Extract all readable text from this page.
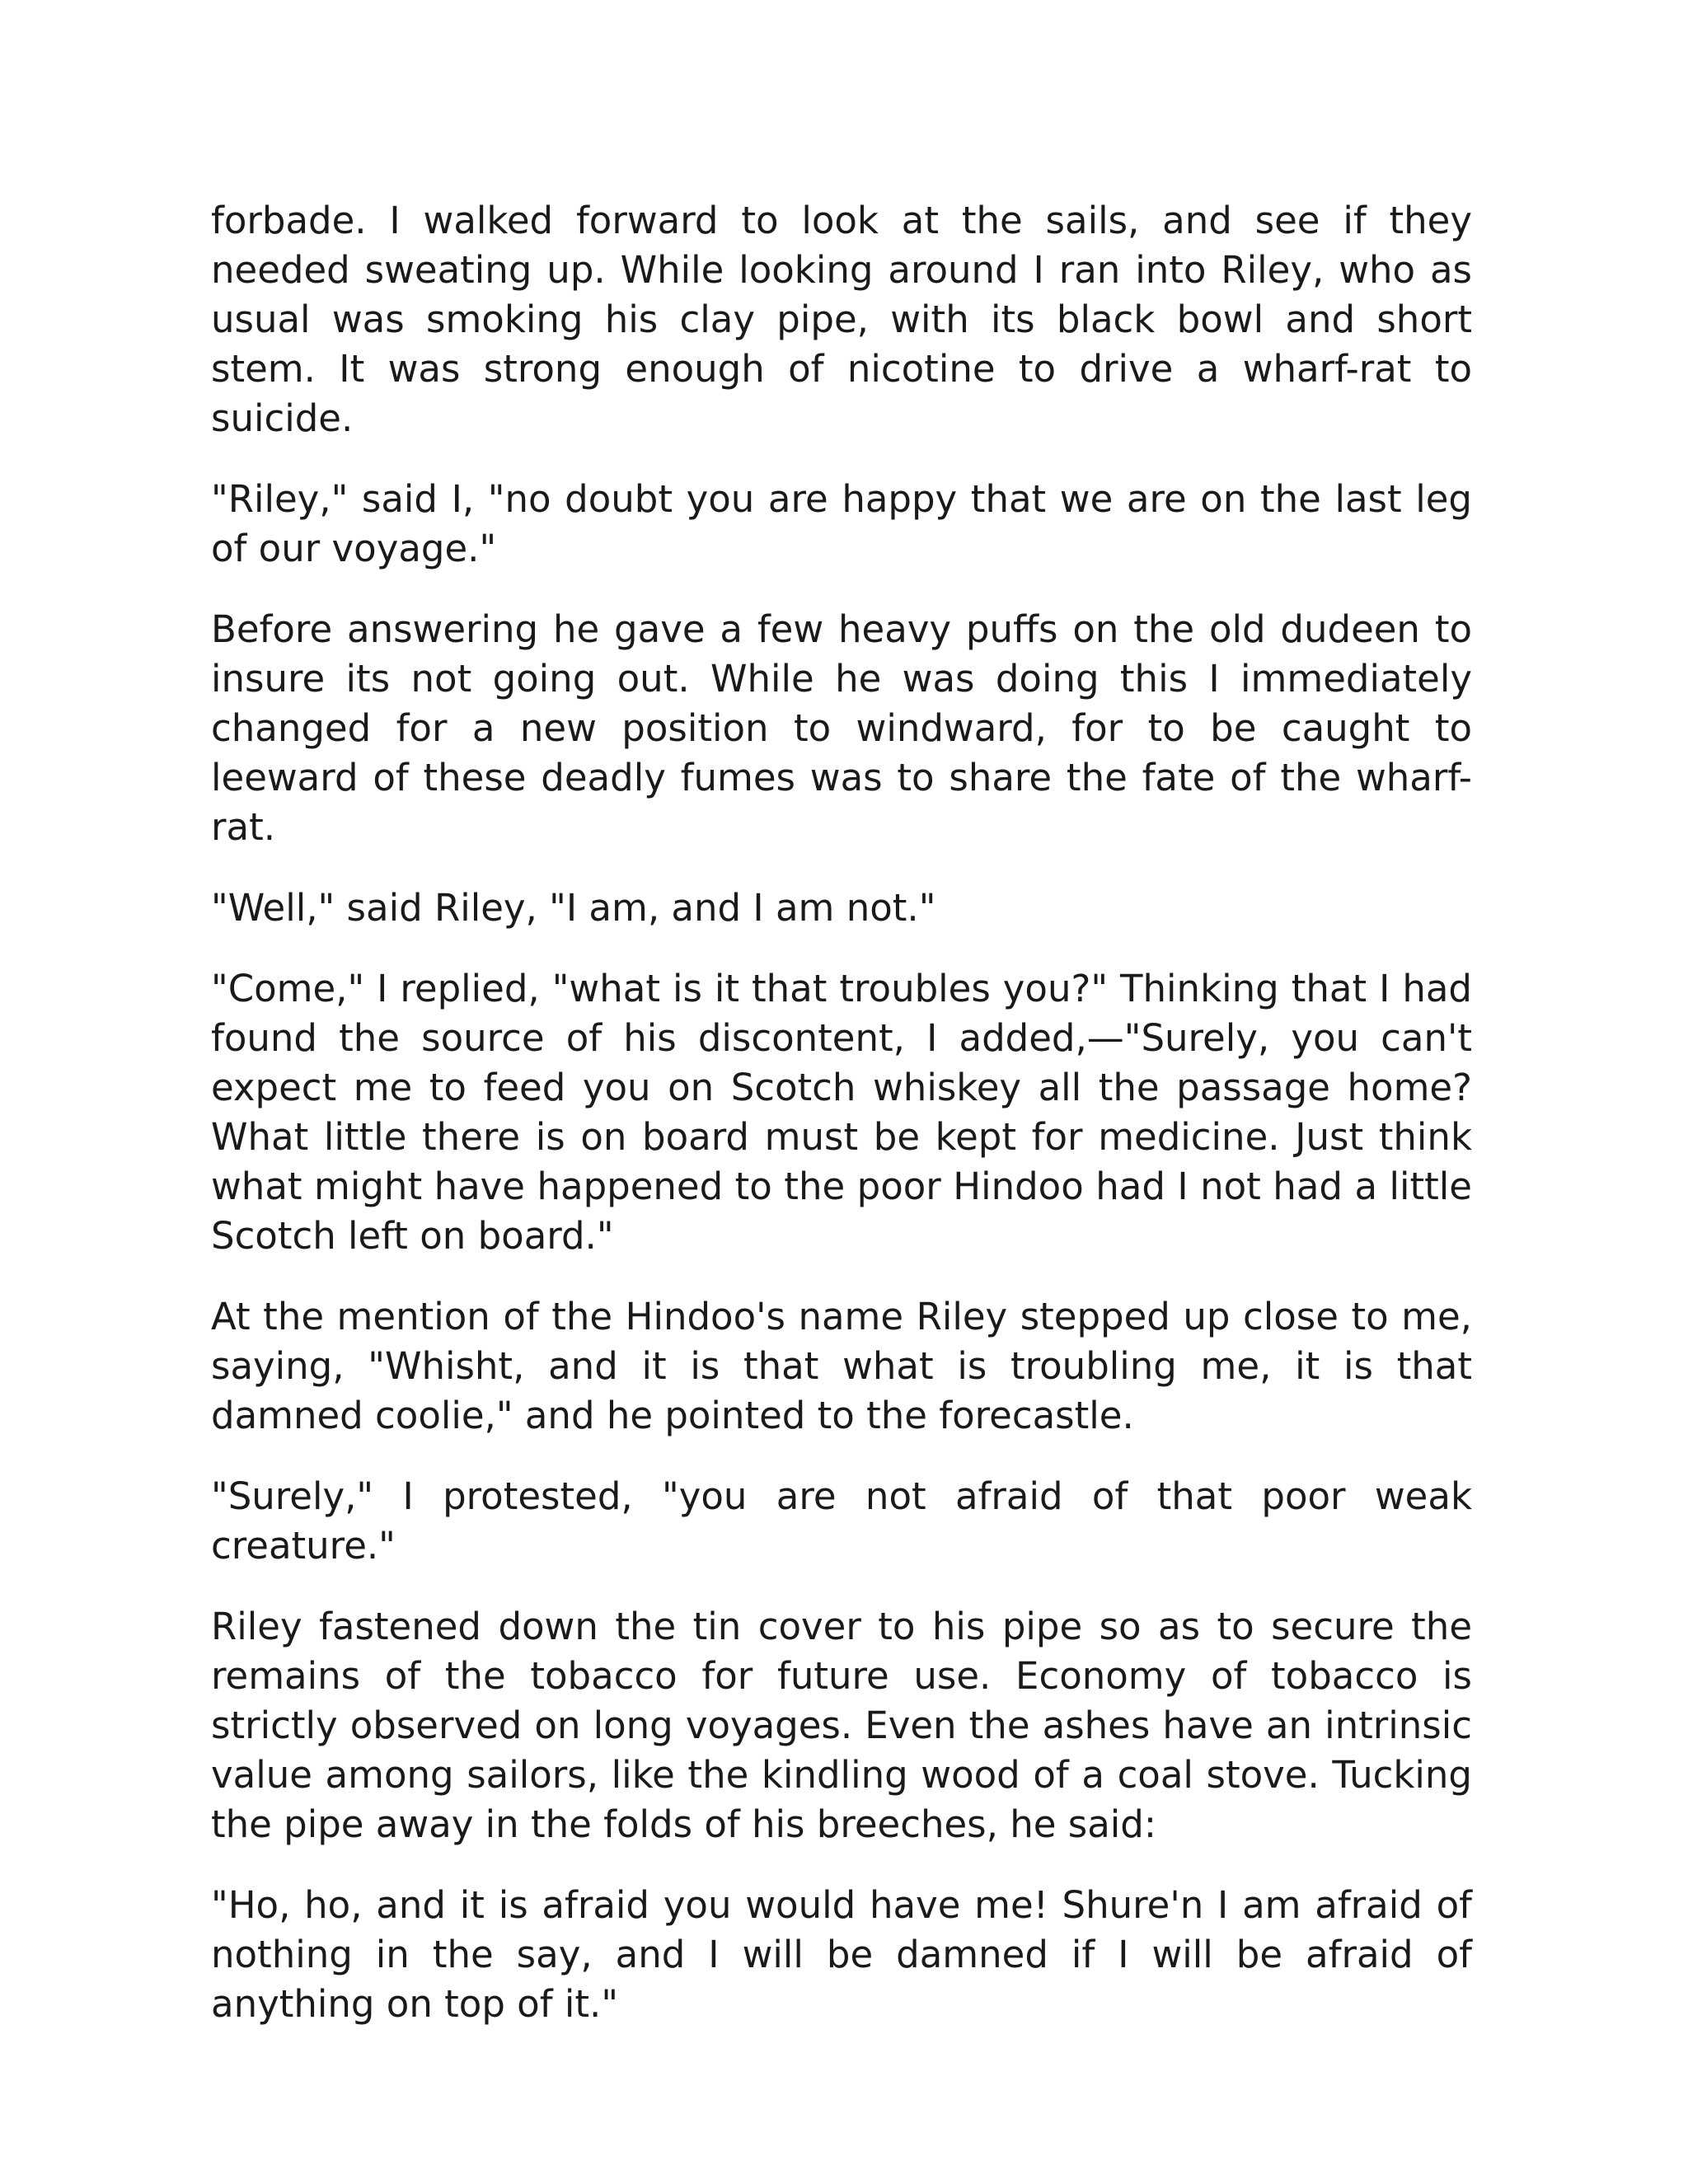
forbade. I walked forward to look at the sails, and see if they needed sweating up. While looking around I ran into Riley, who as usual was smoking his clay pipe, with its black bowl and short stem. It was strong enough of nicotine to drive a wharf-rat to suicide.

"Riley," said I, "no doubt you are happy that we are on the last leg of our voyage."

Before answering he gave a few heavy puffs on the old dudeen to insure its not going out. While he was doing this I immediately changed for a new position to windward, for to be caught to leeward of these deadly fumes was to share the fate of the wharf-rat.

"Well," said Riley, "I am, and I am not."

"Come," I replied, "what is it that troubles you?" Thinking that I had found the source of his discontent, I added,—"Surely, you can't expect me to feed you on Scotch whiskey all the passage home? What little there is on board must be kept for medicine. Just think what might have happened to the poor Hindoo had I not had a little Scotch left on board."

At the mention of the Hindoo's name Riley stepped up close to me, saying, "Whisht, and it is that what is troubling me, it is that damned coolie," and he pointed to the forecastle.

"Surely," I protested, "you are not afraid of that poor weak creature."

Riley fastened down the tin cover to his pipe so as to secure the remains of the tobacco for future use. Economy of tobacco is strictly observed on long voyages. Even the ashes have an intrinsic value among sailors, like the kindling wood of a coal stove. Tucking the pipe away in the folds of his breeches, he said:

"Ho, ho, and it is afraid you would have me! Shure'n I am afraid of nothing in the say, and I will be damned if I will be afraid of anything on top of it."
